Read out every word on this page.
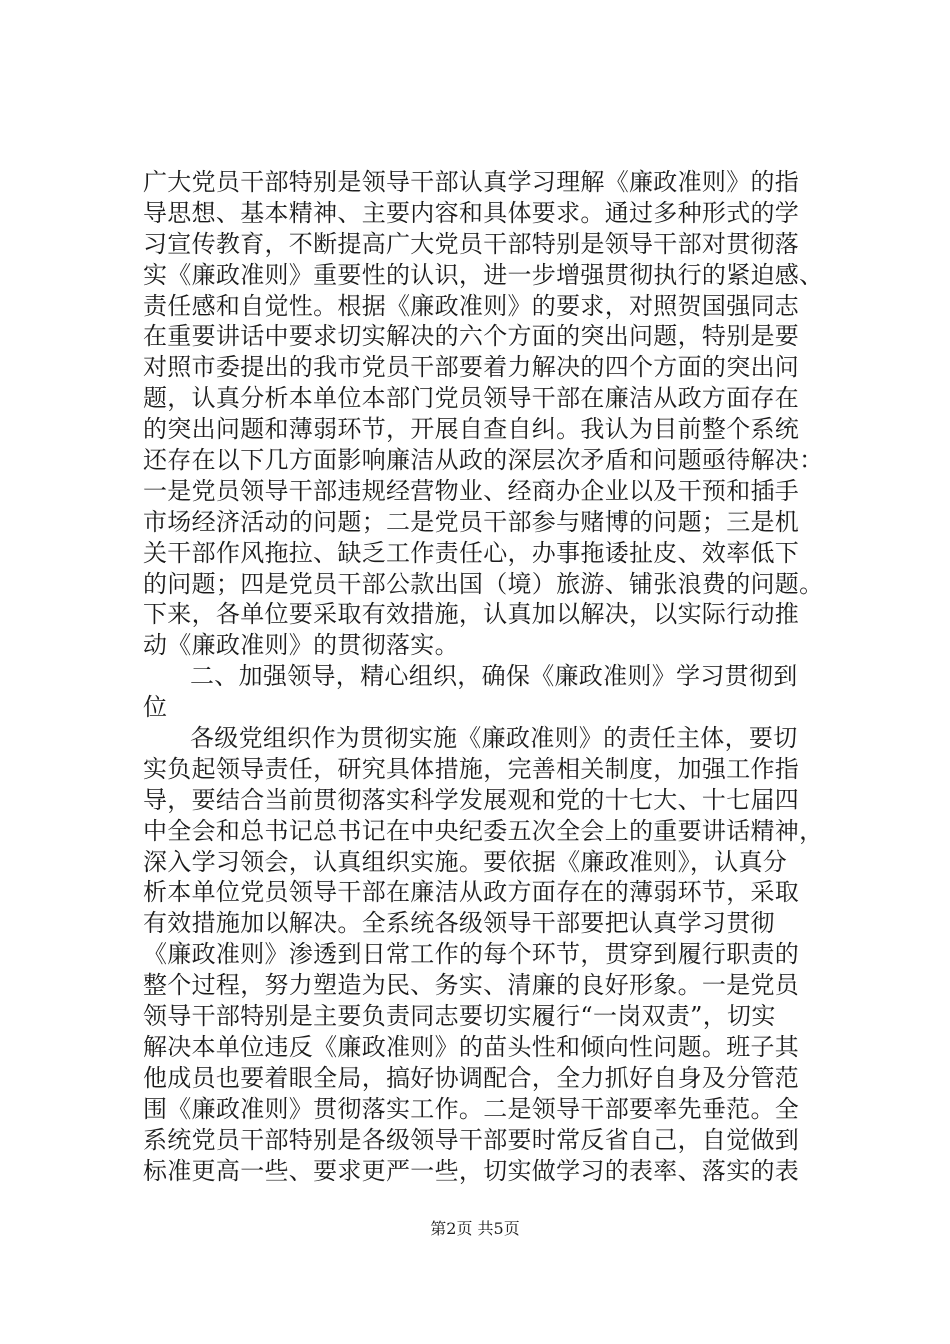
广大党员干部特别是领导干部认真学习理解《廉政准则》的指
导思想、基本精神、主要内容和具体要求。通过多种形式的学
习宣传教育，不断提高广大党员干部特别是领导干部对贯彻落
实《廉政准则》重要性的认识，进一步增强贯彻执行的紧迫感、
责任感和自觉性。根据《廉政准则》的要求，对照贺国强同志
在重要讲话中要求切实解决的六个方面的突出问题，特别是要
对照市委提出的我市党员干部要着力解决的四个方面的突出问
题，认真分析本单位本部门党员领导干部在廉洁从政方面存在
的突出问题和薄弱环节，开展自查自纠。我认为目前整个系统
还存在以下几方面影响廉洁从政的深层次矛盾和问题亟待解决：
一是党员领导干部违规经营物业、经商办企业以及干预和插手
市场经济活动的问题；二是党员干部参与赌博的问题；三是机
关干部作风拖拉、缺乏工作责任心，办事拖诿扯皮、效率低下
的问题；四是党员干部公款出国（境）旅游、铺张浪费的问题。
下来，各单位要采取有效措施，认真加以解决，以实际行动推
动《廉政准则》的贯彻落实。
二、加强领导，精心组织，确保《廉政准则》学习贯彻到
位
各级党组织作为贯彻实施《廉政准则》的责任主体，要切
实负起领导责任，研究具体措施，完善相关制度，加强工作指
导，要结合当前贯彻落实科学发展观和党的十七大、十七届四
中全会和总书记总书记在中央纪委五次全会上的重要讲话精神，
深入学习领会，认真组织实施。要依据《廉政准则》，认真分
析本单位党员领导干部在廉洁从政方面存在的薄弱环节，采取
有效措施加以解决。全系统各级领导干部要把认真学习贯彻
《廉政准则》渗透到日常工作的每个环节，贯穿到履行职责的
整个过程，努力塑造为民、务实、清廉的良好形象。一是党员
领导干部特别是主要负责同志要切实履行“一岗双责”，切实
解决本单位违反《廉政准则》的苗头性和倾向性问题。班子其
他成员也要着眼全局，搞好协调配合，全力抓好自身及分管范
围《廉政准则》贯彻落实工作。二是领导干部要率先垂范。全
系统党员干部特别是各级领导干部要时常反省自己，自觉做到
标准更高一些、要求更严一些，切实做学习的表率、落实的表
第2页 共5页
